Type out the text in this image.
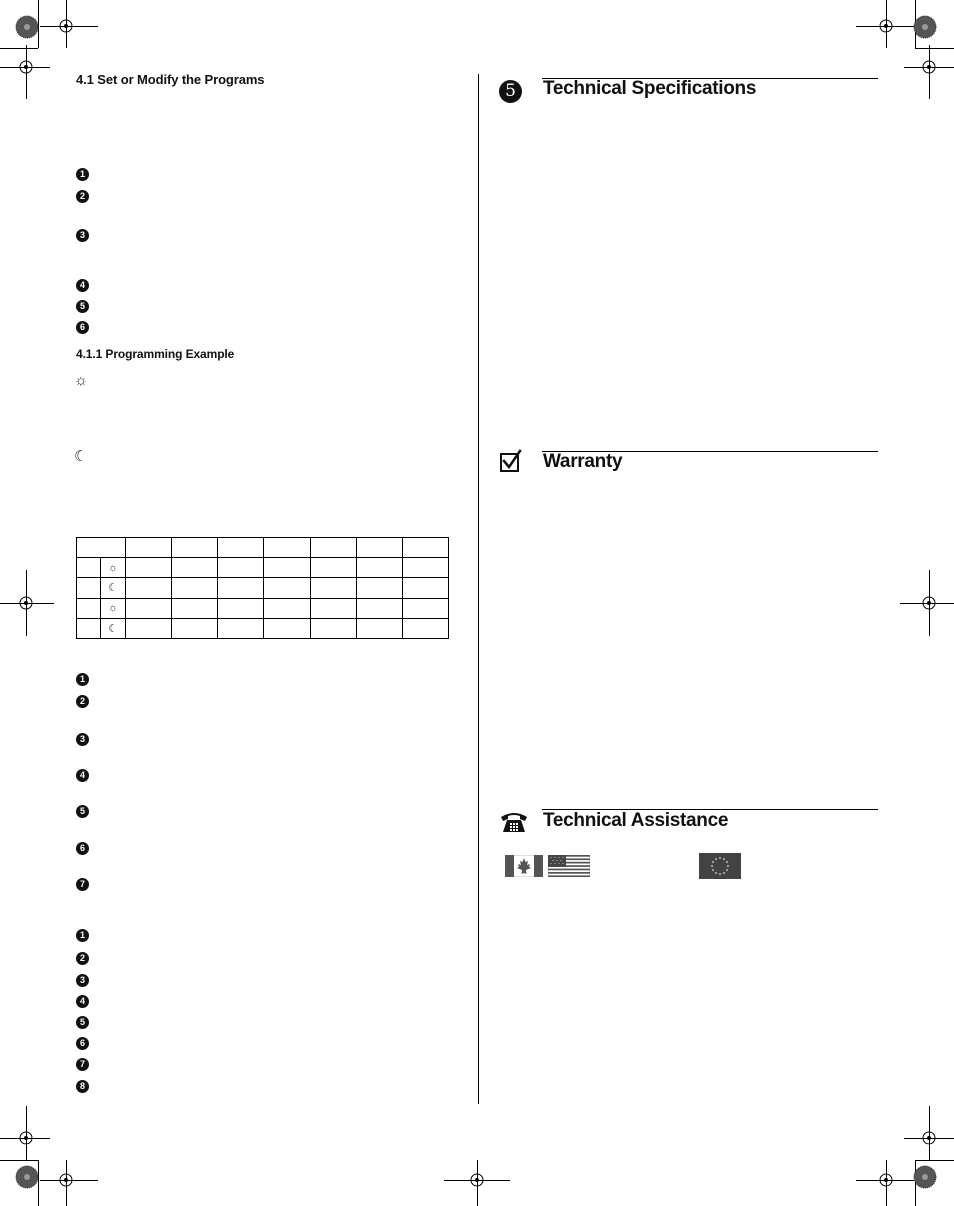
4.1 Set or Modify the Programs
1
2
3
4
5
6
4.1.1 Programming Example
☼
☾

	☼							
	☾							
	☼							
	☾							
1
2
3
4
5
6
7
1
2
3
4
5
6
7
8
5	Technical Specifications
Warranty
Technical Assistance
